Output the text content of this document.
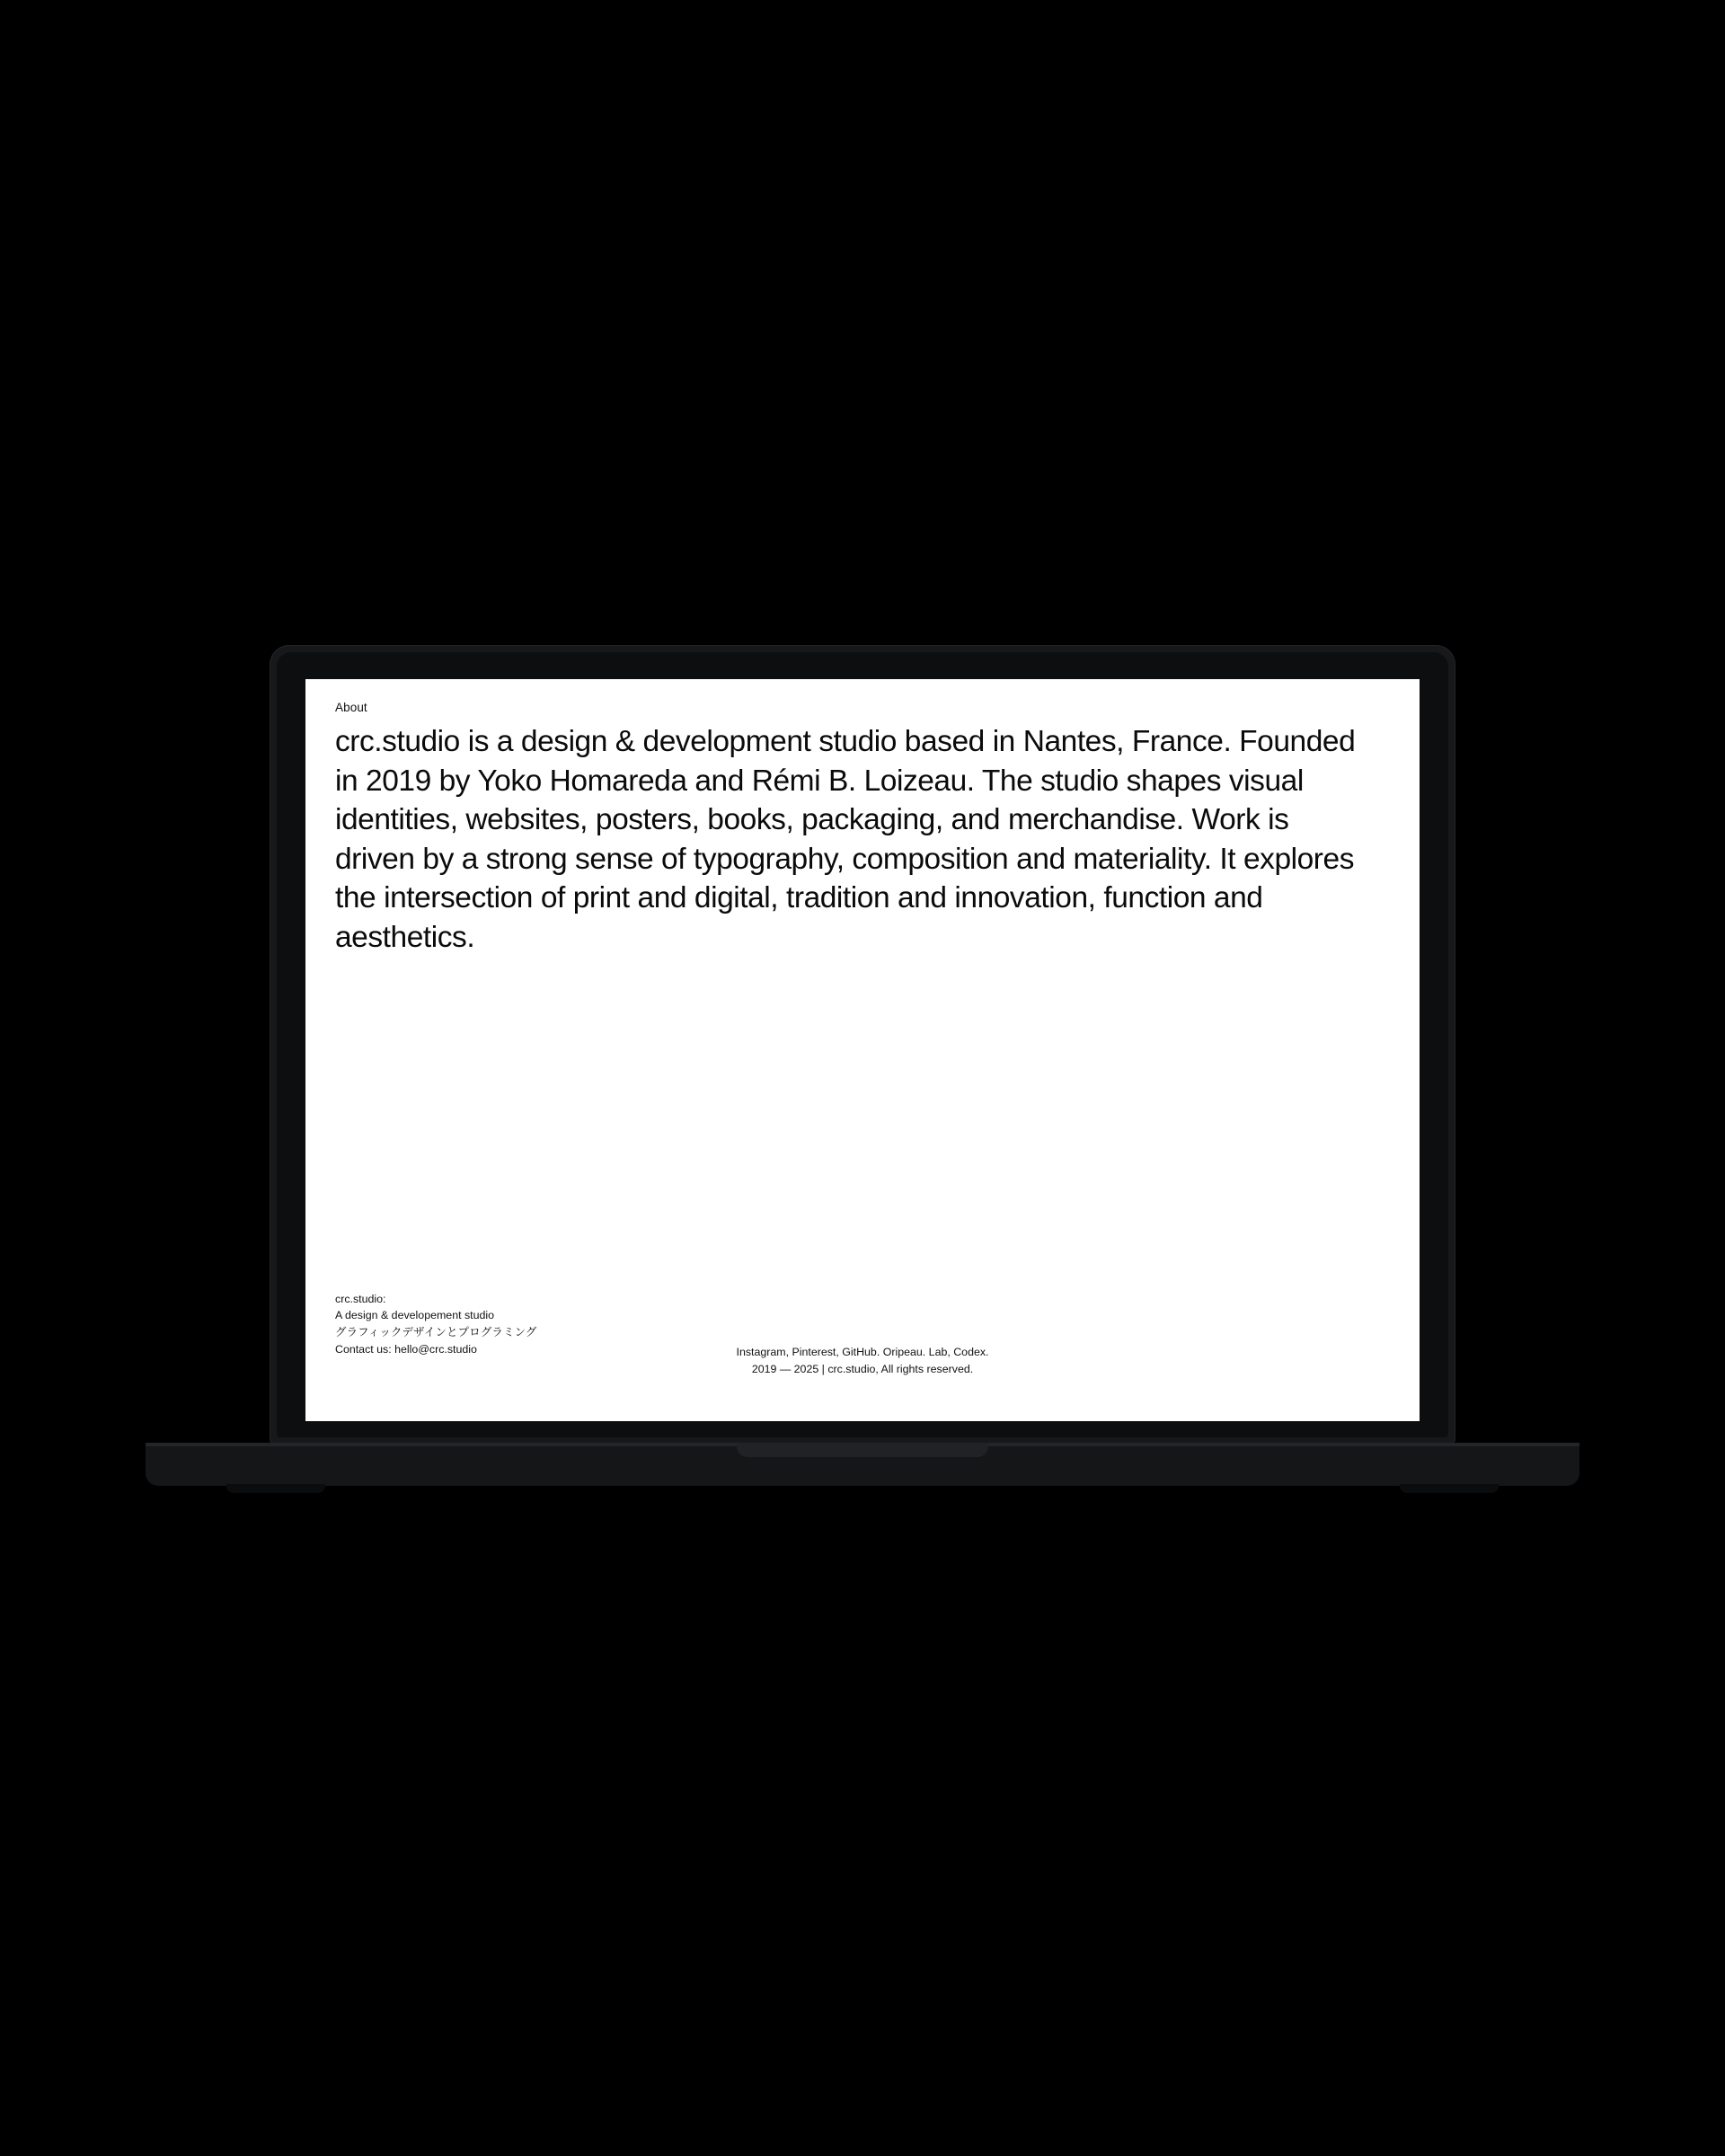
About
crc.studio is a design & development studio based in Nantes, France. Founded in 2019 by Yoko Homareda and Rémi B. Loizeau. The studio shapes visual identities, websites, posters, books, packaging, and merchandise. Work is driven by a strong sense of typography, composition and materiality. It explores the intersection of print and digital, tradition and innovation, function and aesthetics.
crc.studio:
A design & developement studio
グラフィックデザインとプログラミング
Contact us: hello@crc.studio	Instagram, Pinterest, GitHub. Oripeau. Lab, Codex.
2019 — 2025 | crc.studio, All rights reserved.
